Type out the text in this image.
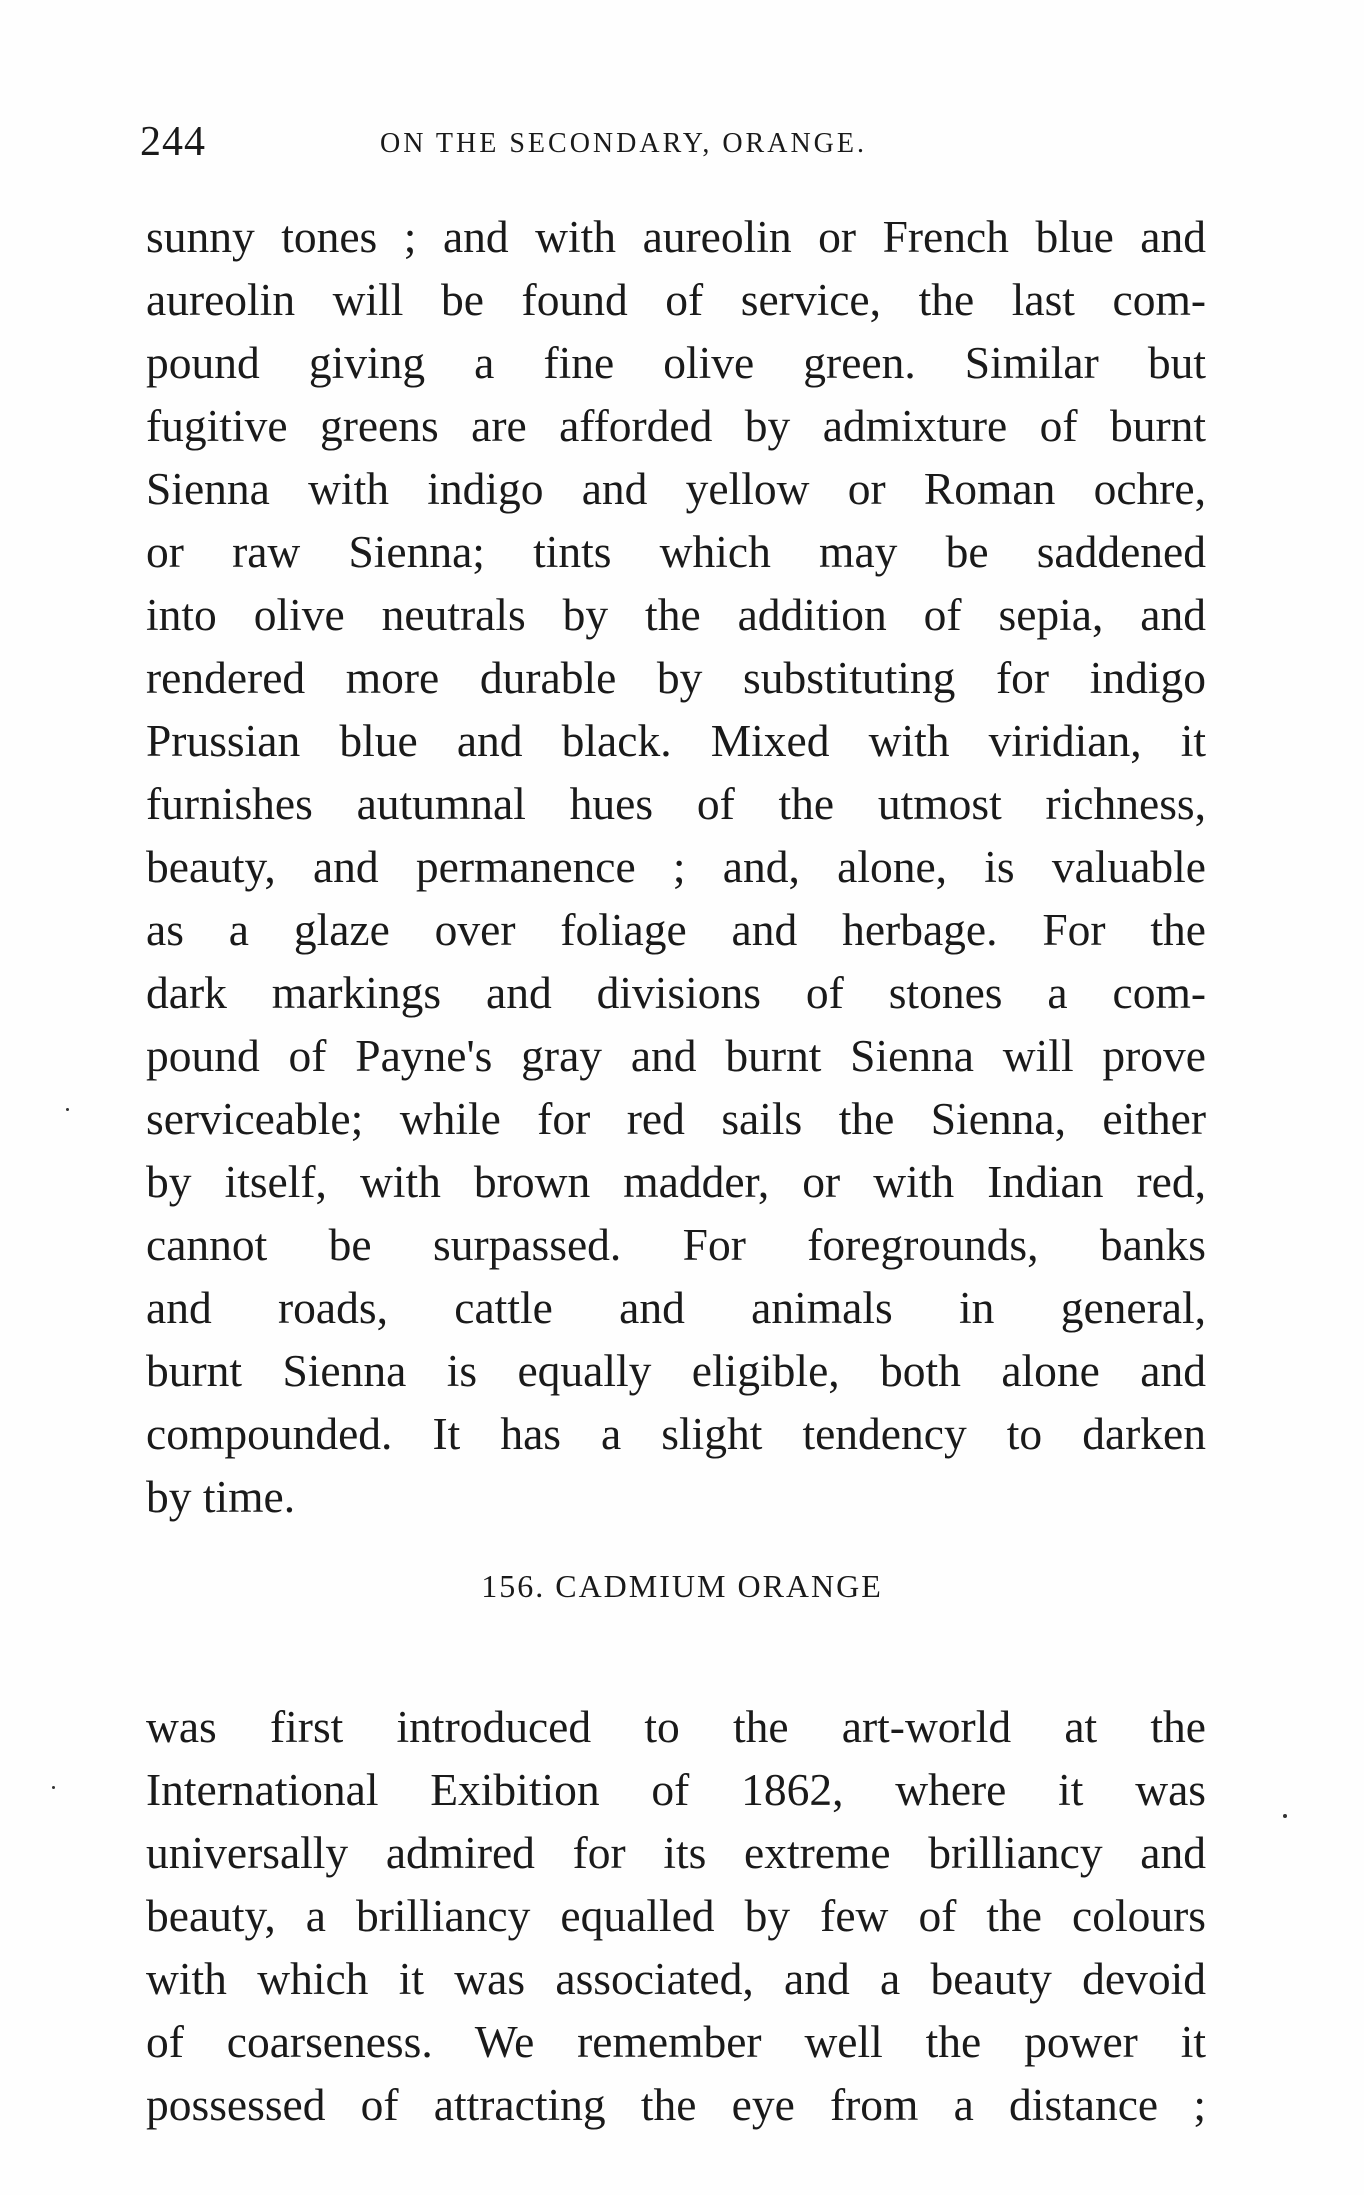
244	ON THE SECONDARY, ORANGE.
sunny tones ; and with aureolin or French blue and
aureolin will be found of service, the last com-
pound giving a fine olive green. Similar but
fugitive greens are afforded by admixture of burnt
Sienna with indigo and yellow or Roman ochre,
or raw Sienna; tints which may be saddened
into olive neutrals by the addition of sepia, and
rendered more durable by substituting for indigo
Prussian blue and black. Mixed with viridian, it
furnishes autumnal hues of the utmost richness,
beauty, and permanence ; and, alone, is valuable
as a glaze over foliage and herbage. For the
dark markings and divisions of stones a com-
pound of Payne's gray and burnt Sienna will prove
serviceable; while for red sails the Sienna, either
by itself, with brown madder, or with Indian red,
cannot be surpassed. For foregrounds, banks
and roads, cattle and animals in general,
burnt Sienna is equally eligible, both alone and
compounded. It has a slight tendency to darken
by time.
156. CADMIUM ORANGE
was first introduced to the art-world at the
International Exibition of 1862, where it was
universally admired for its extreme brilliancy and
beauty, a brilliancy equalled by few of the colours
with which it was associated, and a beauty devoid
of coarseness. We remember well the power it
possessed of attracting the eye from a distance ;
